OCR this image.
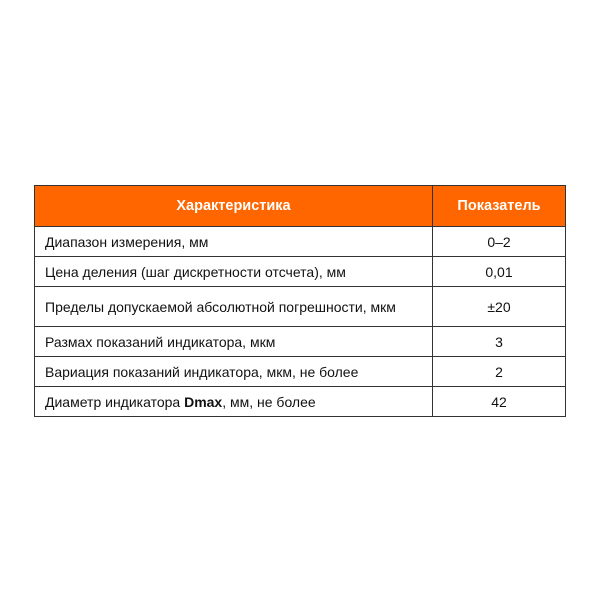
Характеристика	Показатель
Диапазон измерения, мм	0–2
Цена деления (шаг дискретности отсчета), мм	0,01
Пределы допускаемой абсолютной погрешности, мкм	±20
Размах показаний индикатора, мкм	3
Вариация показаний индикатора, мкм, не более	2
Диаметр индикатора Dmax, мм, не более	42
